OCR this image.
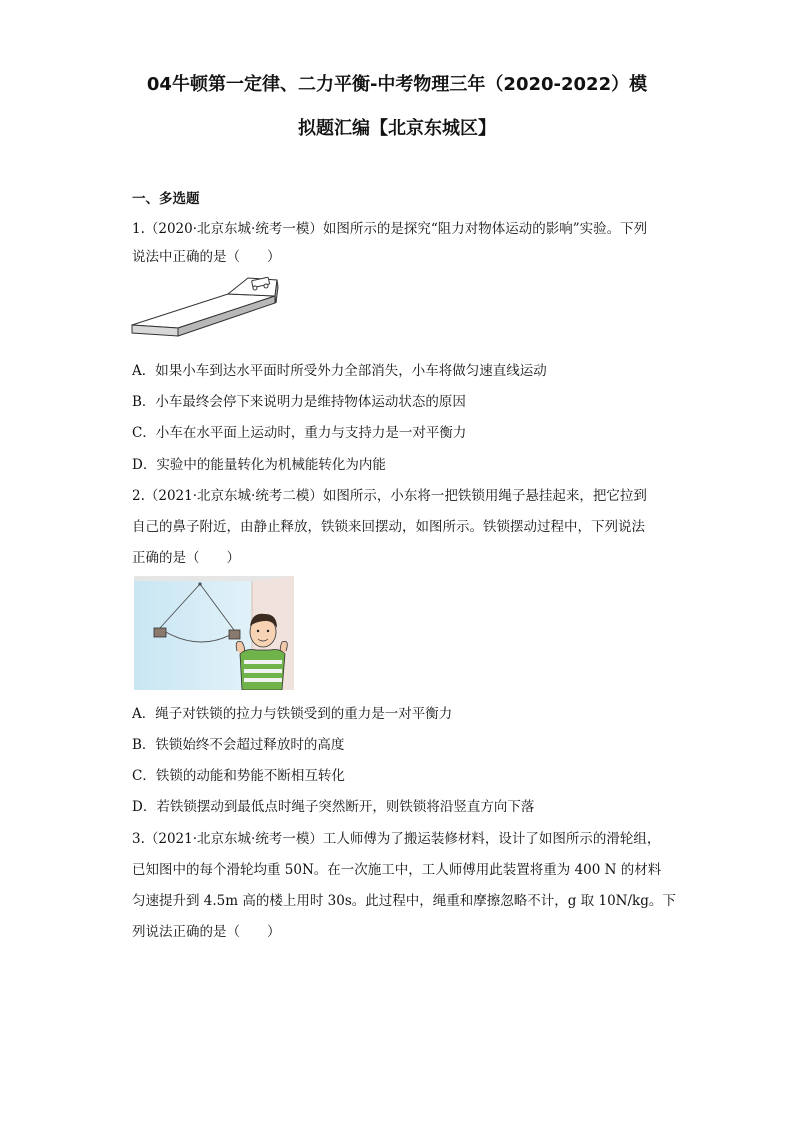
04牛顿第一定律、二力平衡-中考物理三年（2020-2022）模
拟题汇编【北京东城区】
一、多选题
1.（2020·北京东城·统考一模）如图所示的是探究“阻力对物体运动的影响”实验。下列
说法中正确的是（　　）
A．如果小车到达水平面时所受外力全部消失，小车将做匀速直线运动
B．小车最终会停下来说明力是维持物体运动状态的原因
C．小车在水平面上运动时，重力与支持力是一对平衡力
D．实验中的能量转化为机械能转化为内能
2.（2021·北京东城·统考二模）如图所示，小东将一把铁锁用绳子悬挂起来，把它拉到
自己的鼻子附近，由静止释放，铁锁来回摆动，如图所示。铁锁摆动过程中，下列说法
正确的是（　　）
A．绳子对铁锁的拉力与铁锁受到的重力是一对平衡力
B．铁锁始终不会超过释放时的高度
C．铁锁的动能和势能不断相互转化
D．若铁锁摆动到最低点时绳子突然断开，则铁锁将沿竖直方向下落
3.（2021·北京东城·统考一模）工人师傅为了搬运装修材料，设计了如图所示的滑轮组，
已知图中的每个滑轮均重 50N。在一次施工中，工人师傅用此装置将重为 400 N 的材料
匀速提升到 4.5m 高的楼上用时 30s。此过程中，绳重和摩擦忽略不计，g 取 10N/kg。下
列说法正确的是（　　）
